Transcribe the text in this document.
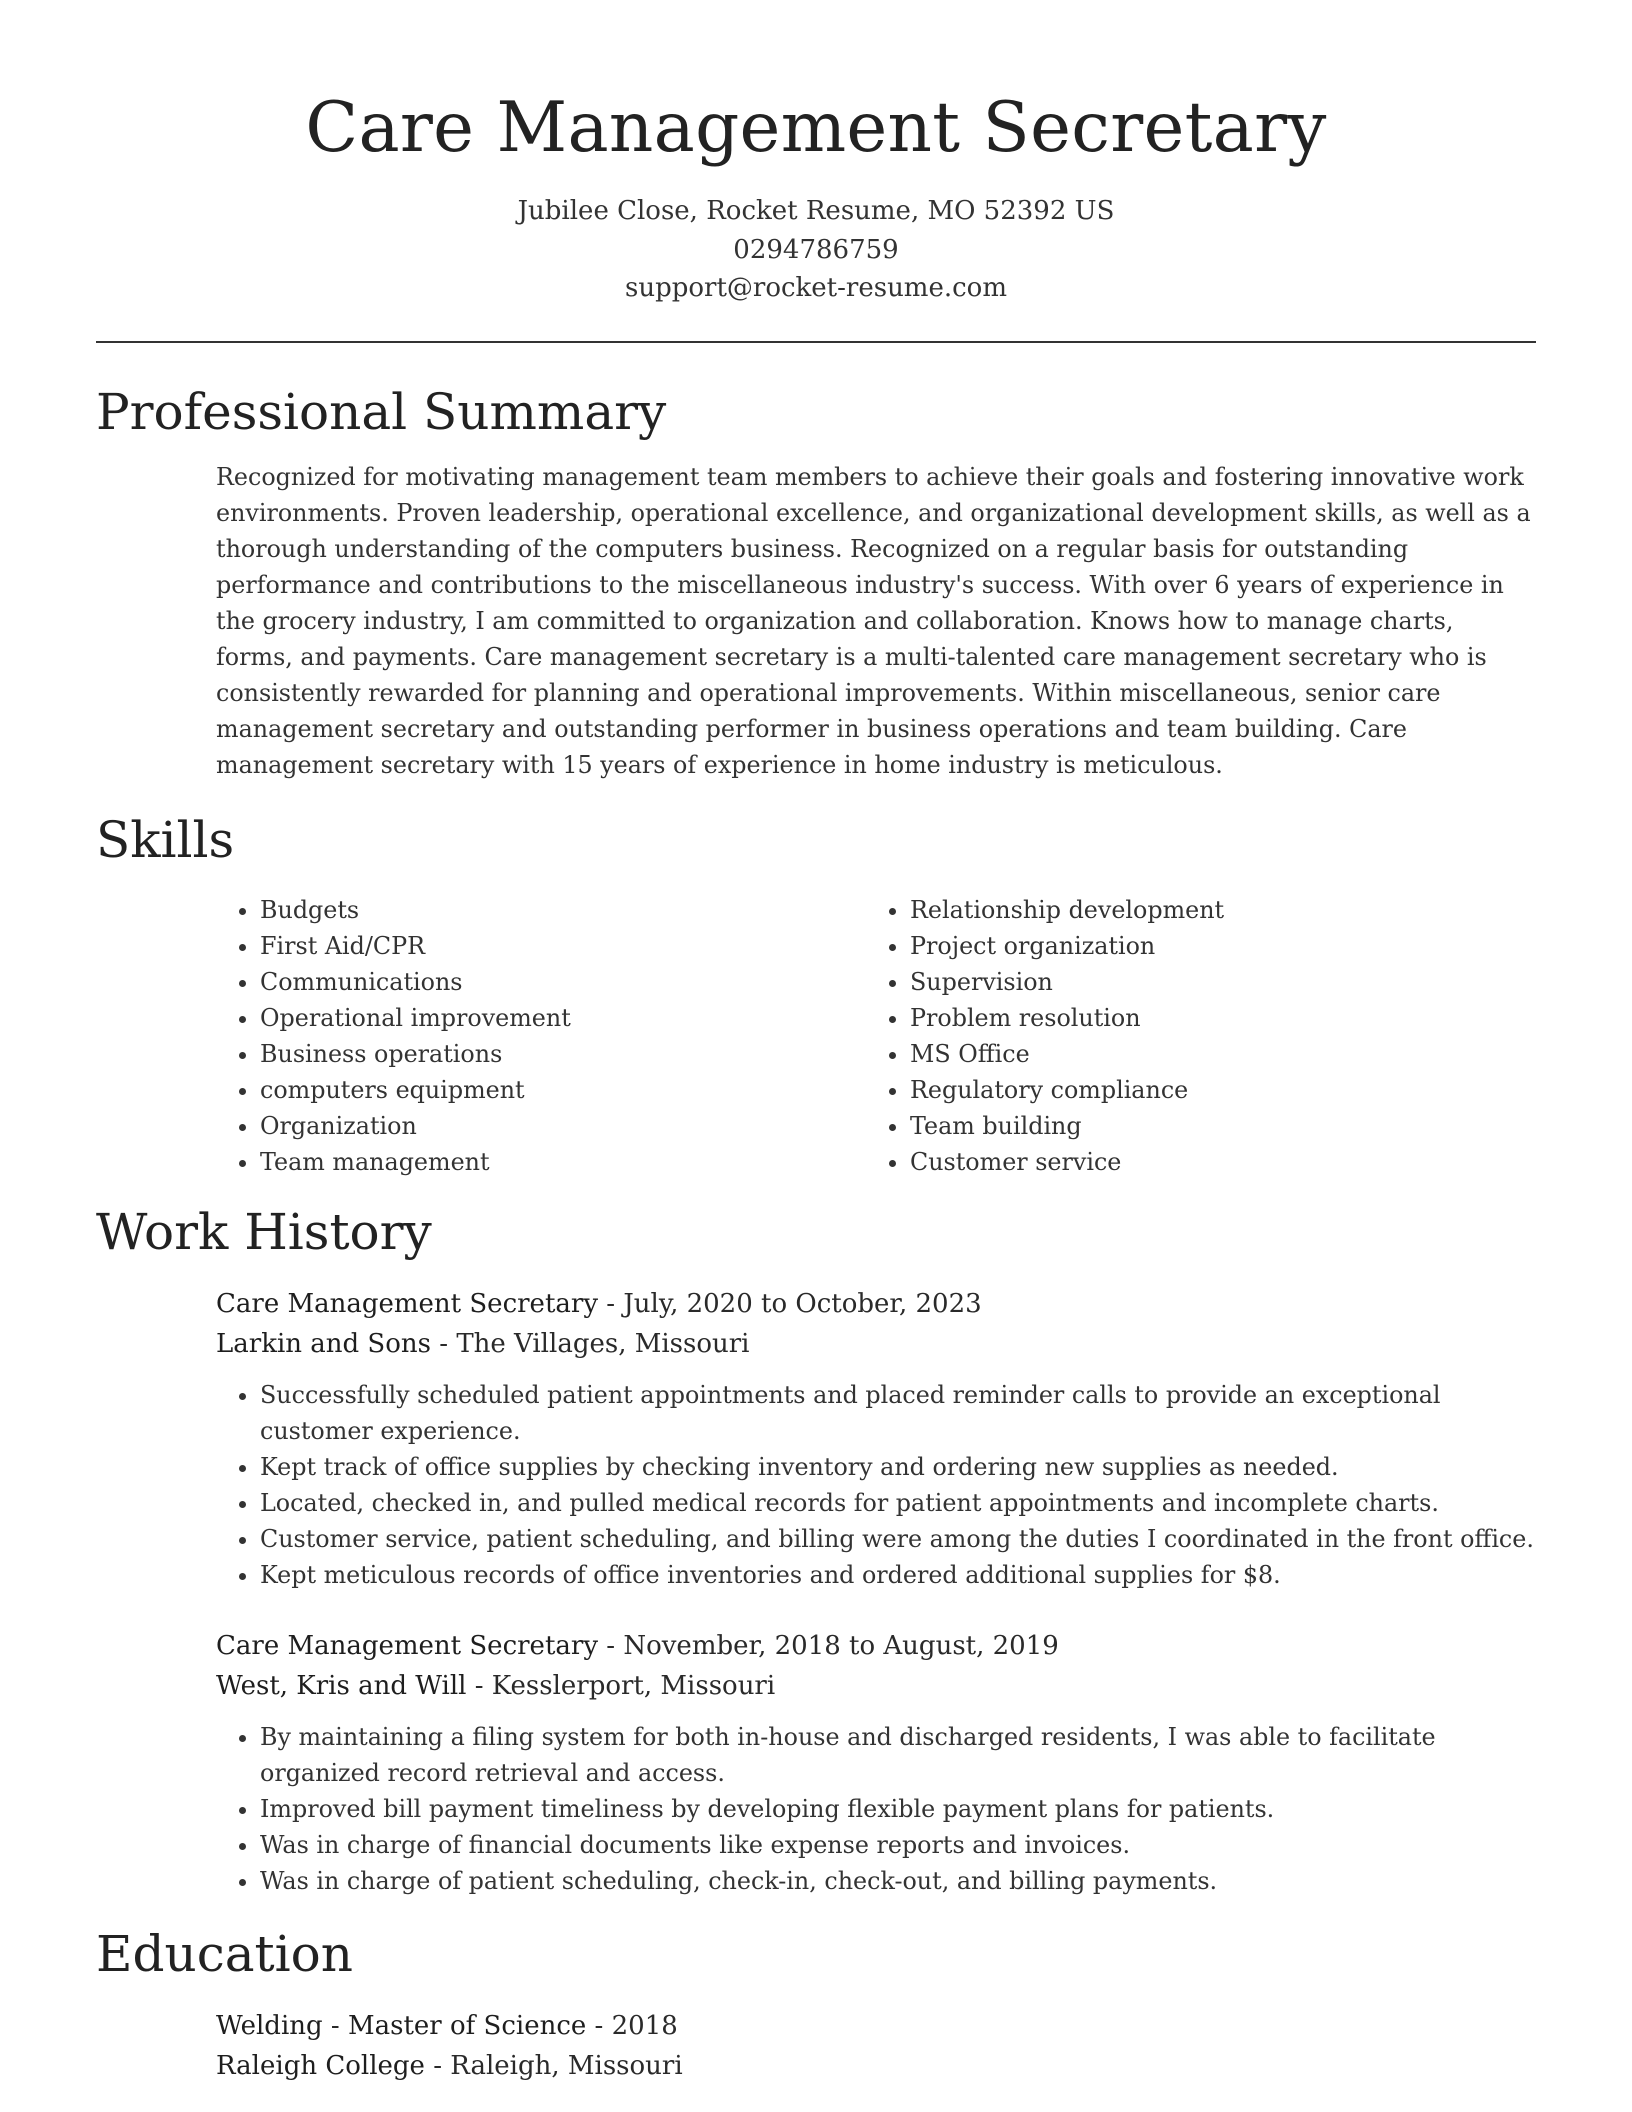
Care Management Secretary
Jubilee Close, Rocket Resume, MO 52392 US
0294786759
support@rocket-resume.com
Professional Summary
Recognized for motivating management team members to achieve their goals and fostering innovative work environments. Proven leadership, operational excellence, and organizational development skills, as well as a thorough understanding of the computers business. Recognized on a regular basis for outstanding performance and contributions to the miscellaneous industry's success. With over 6 years of experience in the grocery industry, I am committed to organization and collaboration. Knows how to manage charts, forms, and payments. Care management secretary is a multi-talented care management secretary who is consistently rewarded for planning and operational improvements. Within miscellaneous, senior care management secretary and outstanding performer in business operations and team building. Care management secretary with 15 years of experience in home industry is meticulous.
Skills
• Budgets
• First Aid/CPR
• Communications
• Operational improvement
• Business operations
• computers equipment
• Organization
• Team management
• Relationship development
• Project organization
• Supervision
• Problem resolution
• MS Office
• Regulatory compliance
• Team building
• Customer service
Work History
Care Management Secretary - July, 2020 to October, 2023
Larkin and Sons - The Villages, Missouri
• Successfully scheduled patient appointments and placed reminder calls to provide an exceptional customer experience.
• Kept track of office supplies by checking inventory and ordering new supplies as needed.
• Located, checked in, and pulled medical records for patient appointments and incomplete charts.
• Customer service, patient scheduling, and billing were among the duties I coordinated in the front office.
• Kept meticulous records of office inventories and ordered additional supplies for $8.
Care Management Secretary - November, 2018 to August, 2019
West, Kris and Will - Kesslerport, Missouri
• By maintaining a filing system for both in-house and discharged residents, I was able to facilitate organized record retrieval and access.
• Improved bill payment timeliness by developing flexible payment plans for patients.
• Was in charge of financial documents like expense reports and invoices.
• Was in charge of patient scheduling, check-in, check-out, and billing payments.
Education
Welding - Master of Science - 2018
Raleigh College - Raleigh, Missouri
